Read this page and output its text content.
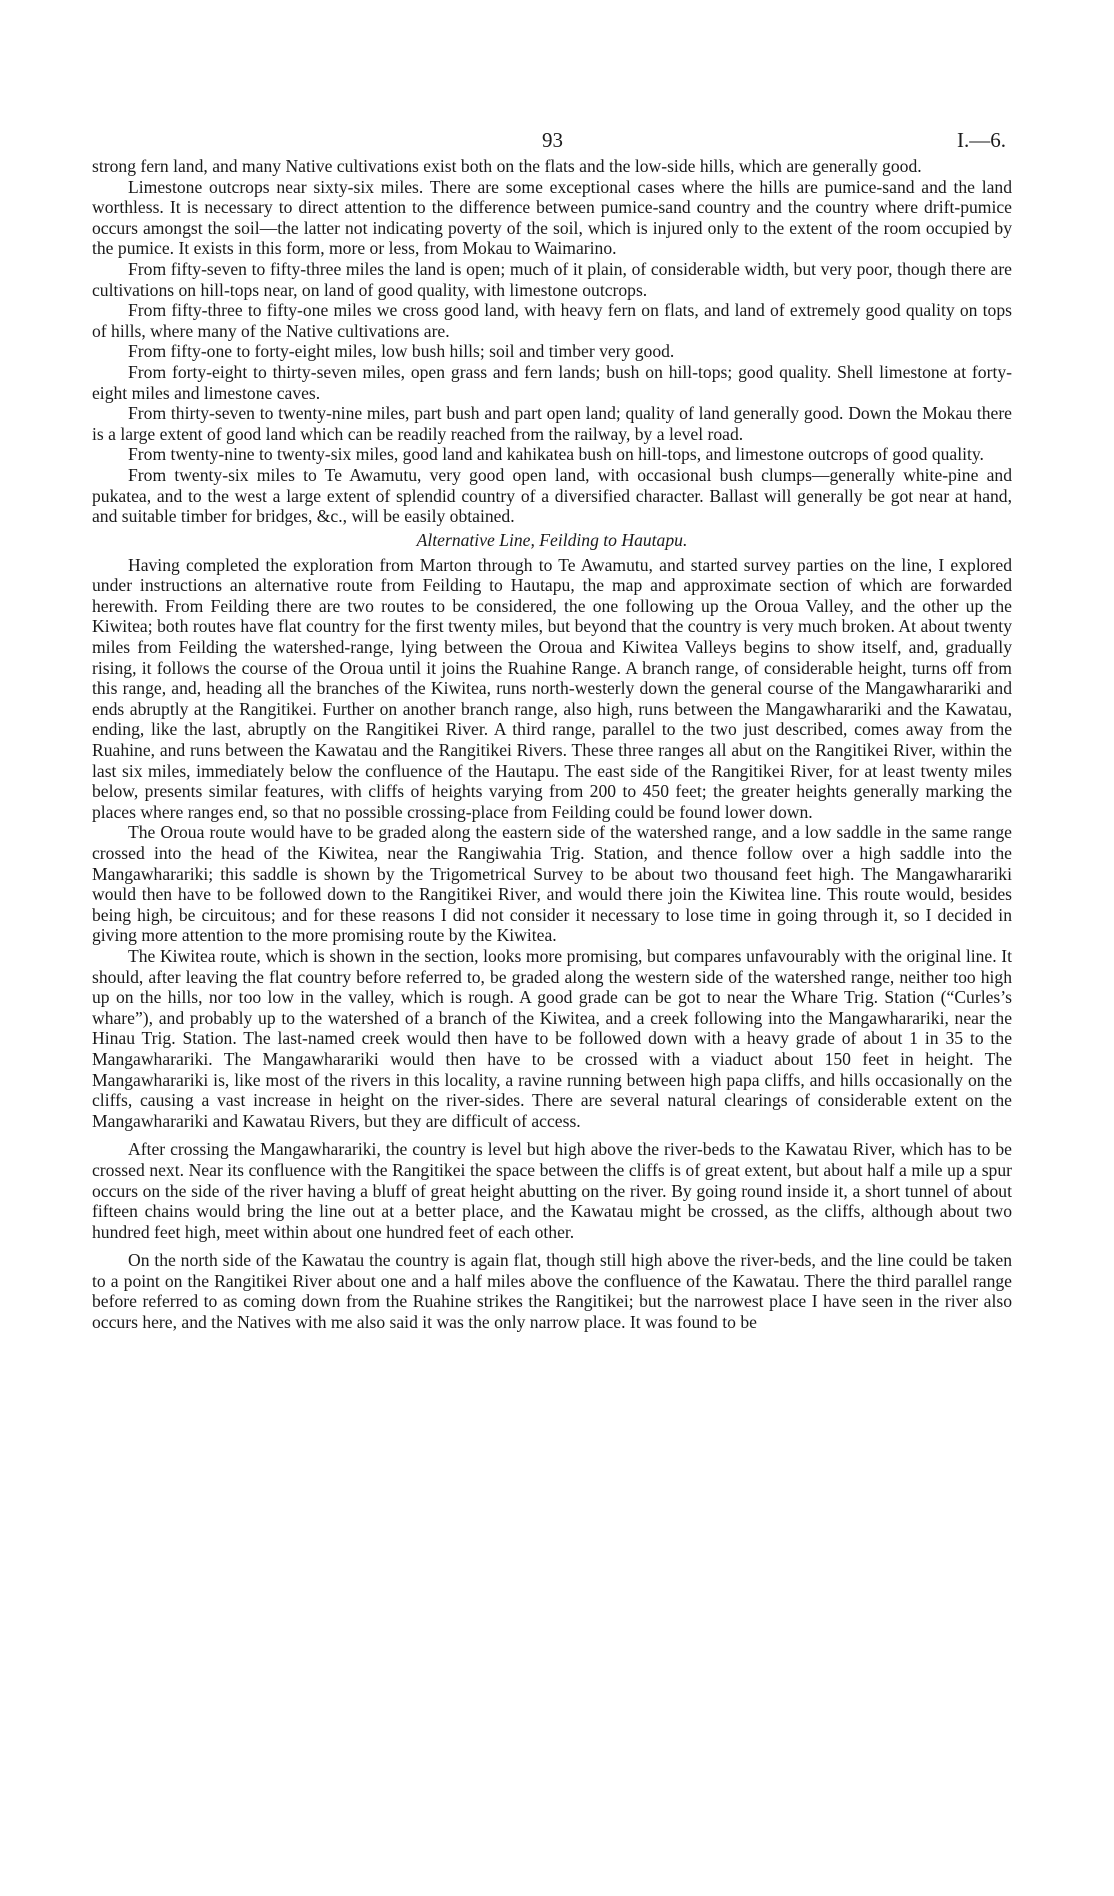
93	I.—6.

strong fern land, and many Native cultivations exist both on the flats and the low-side hills, which are generally good.

Limestone outcrops near sixty-six miles. There are some exceptional cases where the hills are pumice-sand and the land worthless. It is necessary to direct attention to the difference between pumice-sand country and the country where drift-pumice occurs amongst the soil—the latter not indicating poverty of the soil, which is injured only to the extent of the room occupied by the pumice. It exists in this form, more or less, from Mokau to Waimarino.

From fifty-seven to fifty-three miles the land is open; much of it plain, of considerable width, but very poor, though there are cultivations on hill-tops near, on land of good quality, with limestone outcrops.

From fifty-three to fifty-one miles we cross good land, with heavy fern on flats, and land of extremely good quality on tops of hills, where many of the Native cultivations are.

From fifty-one to forty-eight miles, low bush hills; soil and timber very good.

From forty-eight to thirty-seven miles, open grass and fern lands; bush on hill-tops; good quality. Shell limestone at forty-eight miles and limestone caves.

From thirty-seven to twenty-nine miles, part bush and part open land; quality of land generally good. Down the Mokau there is a large extent of good land which can be readily reached from the railway, by a level road.

From twenty-nine to twenty-six miles, good land and kahikatea bush on hill-tops, and limestone outcrops of good quality.

From twenty-six miles to Te Awamutu, very good open land, with occasional bush clumps—generally white-pine and pukatea, and to the west a large extent of splendid country of a diversified character. Ballast will generally be got near at hand, and suitable timber for bridges, &c., will be easily obtained.

Alternative Line, Feilding to Hautapu.

Having completed the exploration from Marton through to Te Awamutu, and started survey parties on the line, I explored under instructions an alternative route from Feilding to Hautapu, the map and approximate section of which are forwarded herewith. From Feilding there are two routes to be considered, the one following up the Oroua Valley, and the other up the Kiwitea; both routes have flat country for the first twenty miles, but beyond that the country is very much broken. At about twenty miles from Feilding the watershed-range, lying between the Oroua and Kiwitea Valleys begins to show itself, and, gradually rising, it follows the course of the Oroua until it joins the Ruahine Range. A branch range, of considerable height, turns off from this range, and, heading all the branches of the Kiwitea, runs north-westerly down the general course of the Mangawharariki and ends abruptly at the Rangitikei. Further on another branch range, also high, runs between the Mangawharariki and the Kawatau, ending, like the last, abruptly on the Rangitikei River. A third range, parallel to the two just described, comes away from the Ruahine, and runs between the Kawatau and the Rangitikei Rivers. These three ranges all abut on the Rangitikei River, within the last six miles, immediately below the confluence of the Hautapu. The east side of the Rangitikei River, for at least twenty miles below, presents similar features, with cliffs of heights varying from 200 to 450 feet; the greater heights generally marking the places where ranges end, so that no possible crossing-place from Feilding could be found lower down.

The Oroua route would have to be graded along the eastern side of the watershed range, and a low saddle in the same range crossed into the head of the Kiwitea, near the Rangiwahia Trig. Station, and thence follow over a high saddle into the Mangawharariki; this saddle is shown by the Trigometrical Survey to be about two thousand feet high. The Mangawharariki would then have to be followed down to the Rangitikei River, and would there join the Kiwitea line. This route would, besides being high, be circuitous; and for these reasons I did not consider it necessary to lose time in going through it, so I decided in giving more attention to the more promising route by the Kiwitea.

The Kiwitea route, which is shown in the section, looks more promising, but compares unfavourably with the original line. It should, after leaving the flat country before referred to, be graded along the western side of the watershed range, neither too high up on the hills, nor too low in the valley, which is rough. A good grade can be got to near the Whare Trig. Station (“Curles’s whare”), and probably up to the watershed of a branch of the Kiwitea, and a creek following into the Mangawharariki, near the Hinau Trig. Station. The last-named creek would then have to be followed down with a heavy grade of about 1 in 35 to the Mangawharariki. The Mangawharariki would then have to be crossed with a viaduct about 150 feet in height. The Mangawharariki is, like most of the rivers in this locality, a ravine running between high papa cliffs, and hills occasionally on the cliffs, causing a vast increase in height on the river-sides. There are several natural clearings of considerable extent on the Mangawharariki and Kawatau Rivers, but they are difficult of access.

After crossing the Mangawharariki, the country is level but high above the river-beds to the Kawatau River, which has to be crossed next. Near its confluence with the Rangitikei the space between the cliffs is of great extent, but about half a mile up a spur occurs on the side of the river having a bluff of great height abutting on the river. By going round inside it, a short tunnel of about fifteen chains would bring the line out at a better place, and the Kawatau might be crossed, as the cliffs, although about two hundred feet high, meet within about one hundred feet of each other.

On the north side of the Kawatau the country is again flat, though still high above the river-beds, and the line could be taken to a point on the Rangitikei River about one and a half miles above the confluence of the Kawatau. There the third parallel range before referred to as coming down from the Ruahine strikes the Rangitikei; but the narrowest place I have seen in the river also occurs here, and the Natives with me also said it was the only narrow place. It was found to be
